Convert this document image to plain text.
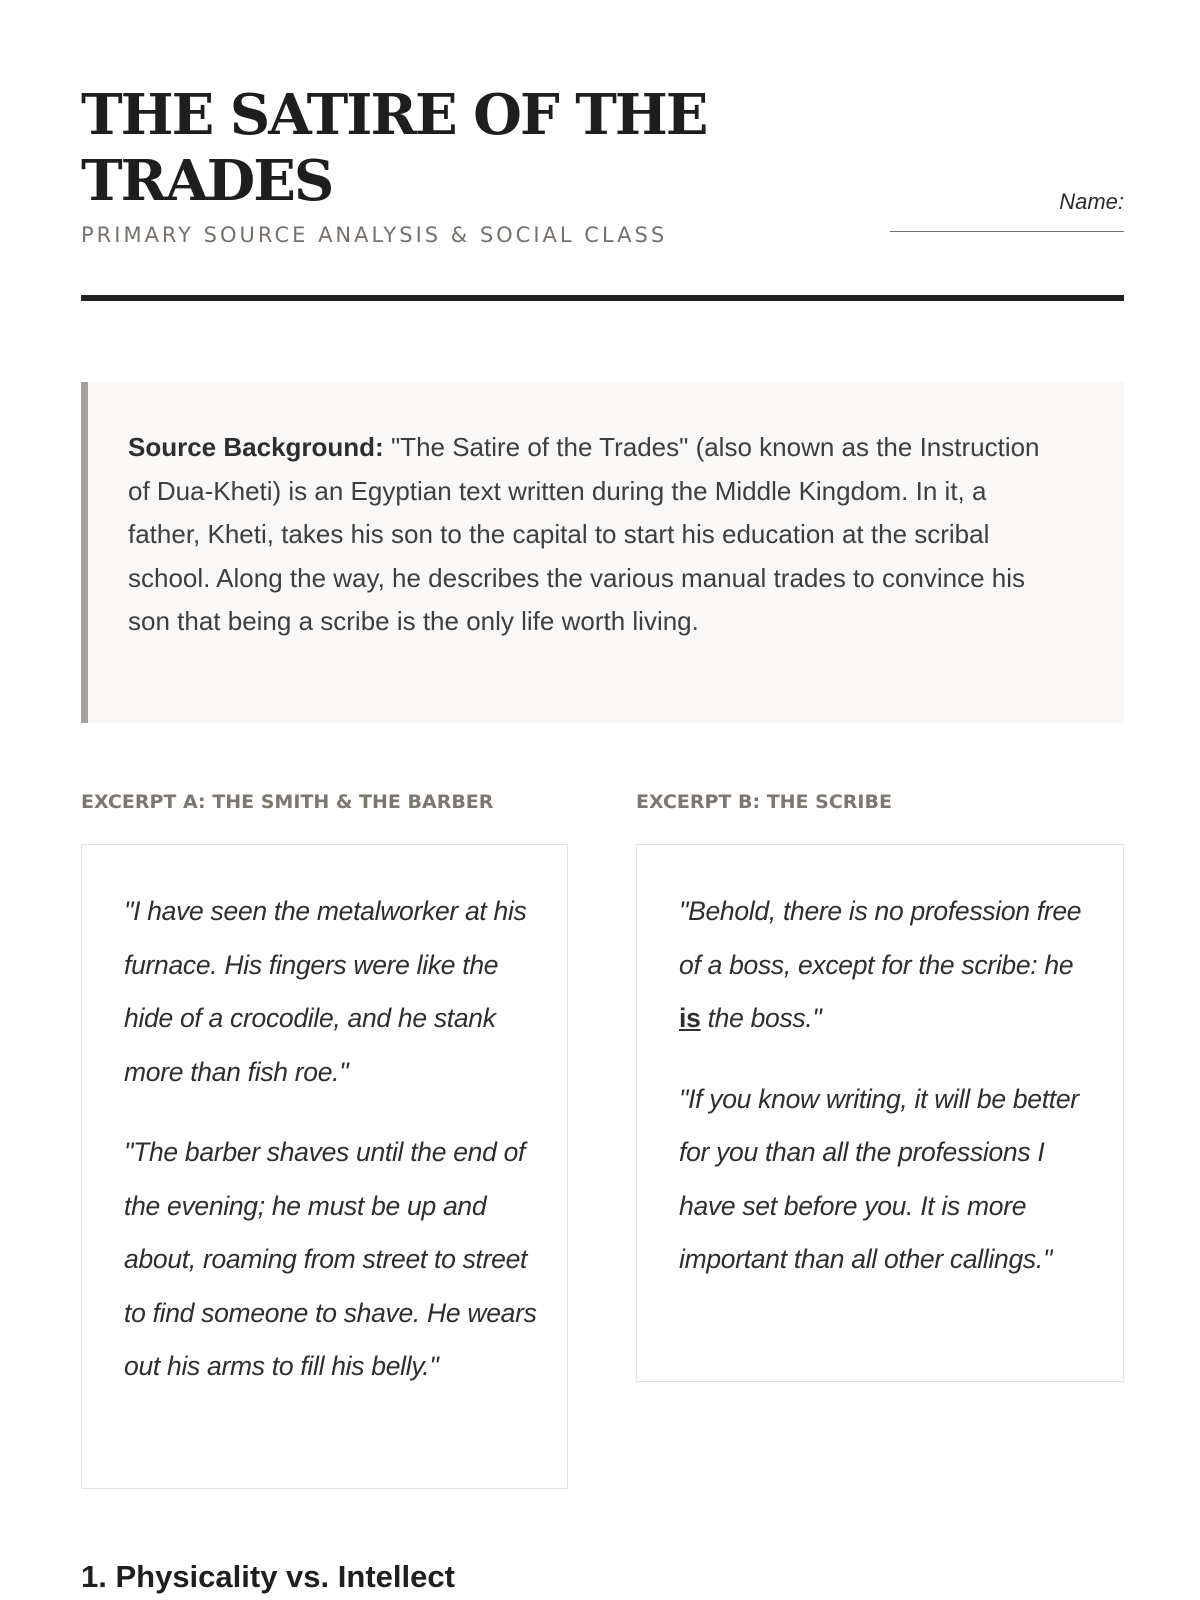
THE SATIRE OF THE TRADES
PRIMARY SOURCE ANALYSIS & SOCIAL CLASS
Name:

Source Background: "The Satire of the Trades" (also known as the Instruction of Dua-Kheti) is an Egyptian text written during the Middle Kingdom. In it, a father, Kheti, takes his son to the capital to start his education at the scribal school. Along the way, he describes the various manual trades to convince his son that being a scribe is the only life worth living.

EXCERPT A: THE SMITH & THE BARBER

"I have seen the metalworker at his furnace. His fingers were like the hide of a crocodile, and he stank more than fish roe."

"The barber shaves until the end of the evening; he must be up and about, roaming from street to street to find someone to shave. He wears out his arms to fill his belly."

EXCERPT B: THE SCRIBE

"Behold, there is no profession free of a boss, except for the scribe: he is the boss."

"If you know writing, it will be better for you than all the professions I have set before you. It is more important than all other callings."

1. Physicality vs. Intellect
